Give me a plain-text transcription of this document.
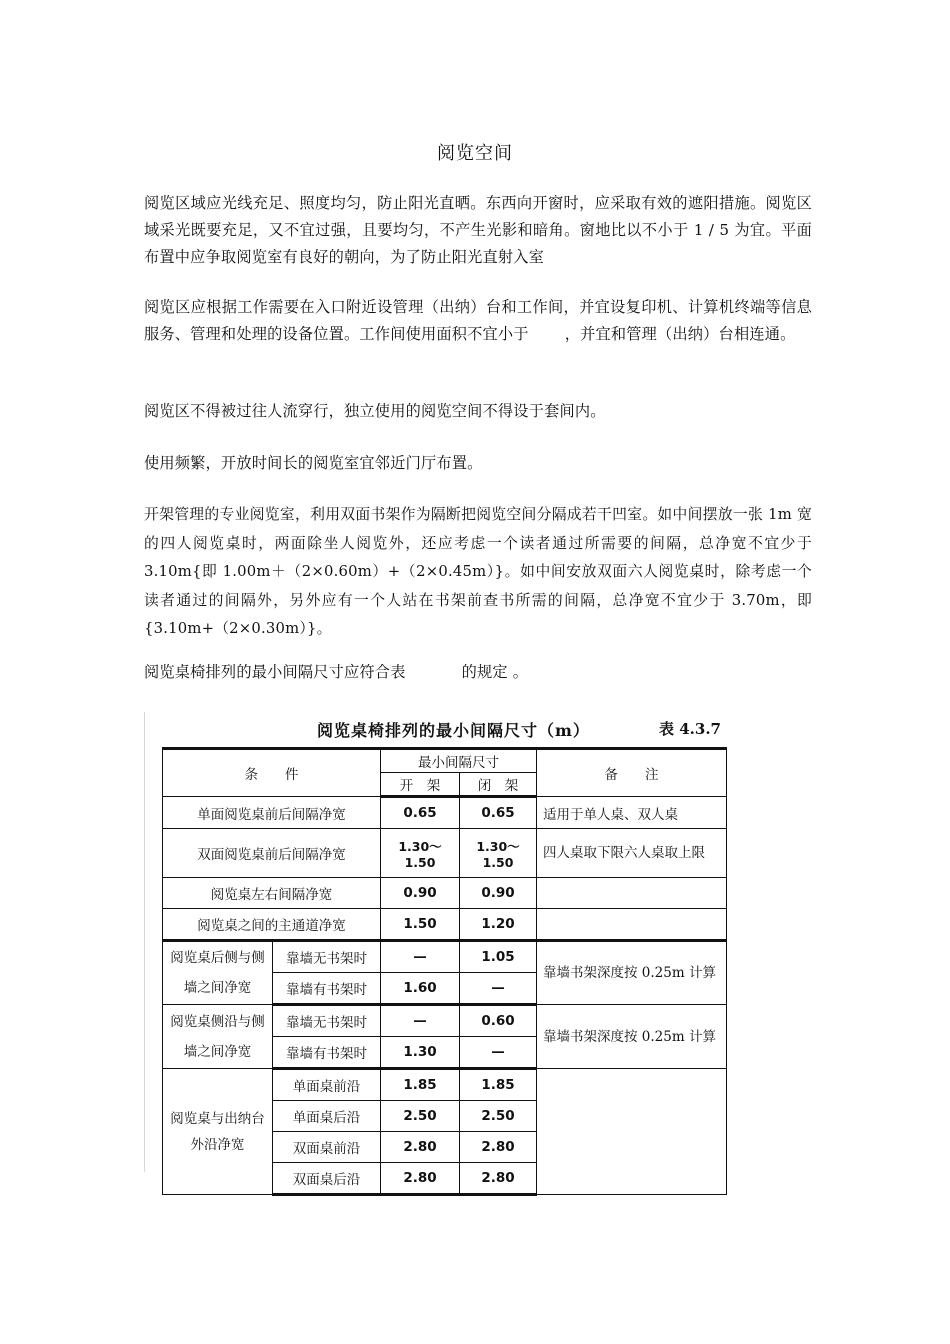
阅览空间

阅览区域应光线充足、照度均匀，防止阳光直晒。东西向开窗时，应采取有效的遮阳措施。阅览区域采光既要充足，又不宜过强，且要均匀，不产生光影和暗角。窗地比以不小于 1 / 5 为宜。平面布置中应争取阅览室有良好的朝向，为了防止阳光直射入室

阅览区应根据工作需要在入口附近设管理（出纳）台和工作间，并宜设复印机、计算机终端等信息服务、管理和处理的设备位置。工作间使用面积不宜小于 ，并宜和管理（出纳）台相连通。

阅览区不得被过往人流穿行，独立使用的阅览空间不得设于套间内。

使用频繁，开放时间长的阅览室宜邻近门厅布置。

开架管理的专业阅览室，利用双面书架作为隔断把阅览空间分隔成若干凹室。如中间摆放一张 1m 宽的四人阅览桌时，两面除坐人阅览外，还应考虑一个读者通过所需要的间隔，总净宽不宜少于 3.10m{即 1.00m＋（2×0.60m）+（2×0.45m）}。如中间安放双面六人阅览桌时，除考虑一个读者通过的间隔外，另外应有一个人站在书架前查书所需的间隔，总净宽不宜少于 3.70m，即{3.10m+（2×0.30m）}。

阅览桌椅排列的最小间隔尺寸应符合表	的规定 。

阅览桌椅排列的最小间隔尺寸（m）	表 4.3.7
条　　件		最小间隔尺寸		备　　注
		开　架	闭　架	
单面阅览桌前后间隔净宽		0.65	0.65	适用于单人桌、双人桌
双面阅览桌前后间隔净宽		1.30～1.50	1.30～1.50	四人桌取下限六人桌取上限
阅览桌左右间隔净宽		0.90	0.90	
阅览桌之间的主通道净宽		1.50	1.20	
阅览桌后侧与侧墙之间净宽	靠墙无书架时	—	1.05	靠墙书架深度按 0.25m 计算
	靠墙有书架时	1.60	—	
阅览桌侧沿与侧墙之间净宽	靠墙无书架时	—	0.60	靠墙书架深度按 0.25m 计算
	靠墙有书架时	1.30	—	
阅览桌与出纳台外沿净宽	单面桌前沿	1.85	1.85	
	单面桌后沿	2.50	2.50	
	双面桌前沿	2.80	2.80	
	双面桌后沿	2.80	2.80	
